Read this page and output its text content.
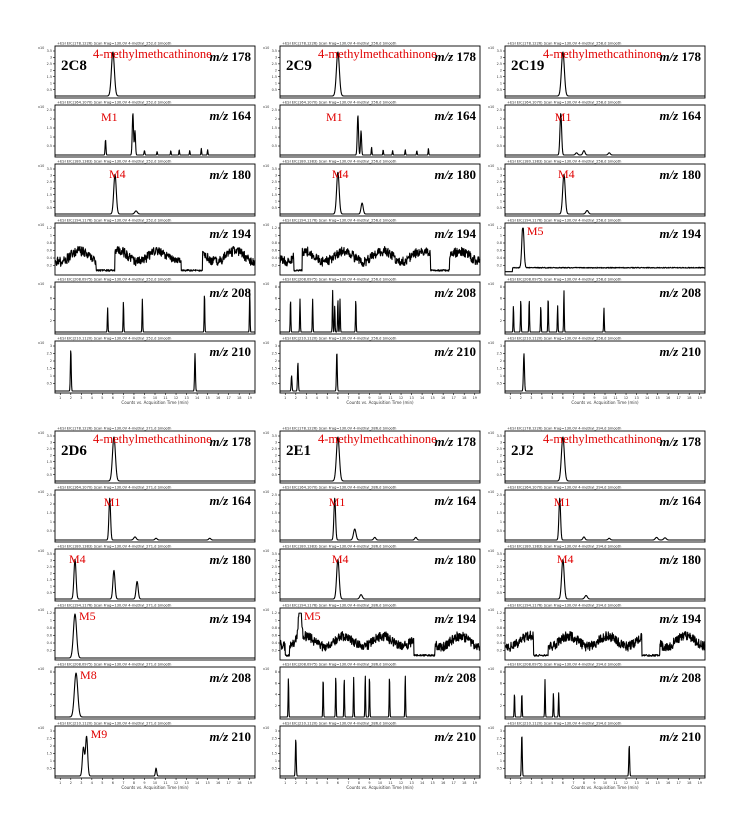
x10
+ESI EIC(178.1226) Scan Frag=130.0V 4-methyl_252.d Smooth
0.5
1
1.5
2
2.5
3
3.5	m/z 178
4-methylmethcathinone
x10
+ESI EIC(164.1070) Scan Frag=130.0V 4-methyl_252.d Smooth
0.5
1
1.5
2
2.5	m/z 164
M1
x10
+ESI EIC(180.1383) Scan Frag=130.0V 4-methyl_252.d Smooth
0.5
1
1.5
2
2.5
3
3.5	m/z 180
M4
x10
+ESI EIC(194.1176) Scan Frag=130.0V 4-methyl_252.d Smooth
0.2
0.4
0.6
0.8
1
1.2	m/z 194
x10
+ESI EIC(208.0975) Scan Frag=130.0V 4-methyl_252.d Smooth
2
4
6
8	m/z 208
x10
+ESI EIC(210.1120) Scan Frag=130.0V 4-methyl_252.d Smooth
0.5
1
1.5
2
2.5
3	m/z 210
1 2 3 4 5 6 7 8 9 10 11 12 13 14 15 16 17 18 19
Counts vs. Acquisition Time (min)
2C8
x10
+ESI EIC(178.1226) Scan Frag=130.0V 4-methyl_256.d Smooth
0.5
1
1.5
2
2.5
3
3.5	m/z 178
4-methylmethcathinone
x10
+ESI EIC(164.1070) Scan Frag=130.0V 4-methyl_256.d Smooth
0.5
1
1.5
2
2.5	m/z 164
M1
x10
+ESI EIC(180.1383) Scan Frag=130.0V 4-methyl_256.d Smooth
0.5
1
1.5
2
2.5
3
3.5	m/z 180
M4
x10
+ESI EIC(194.1176) Scan Frag=130.0V 4-methyl_256.d Smooth
0.2
0.4
0.6
0.8
1
1.2	m/z 194
x10
+ESI EIC(208.0975) Scan Frag=130.0V 4-methyl_256.d Smooth
2
4
6
8	m/z 208
x10
+ESI EIC(210.1120) Scan Frag=130.0V 4-methyl_256.d Smooth
0.5
1
1.5
2
2.5
3	m/z 210
1 2 3 4 5 6 7 8 9 10 11 12 13 14 15 16 17 18 19
Counts vs. Acquisition Time (min)
2C9
x10
+ESI EIC(178.1226) Scan Frag=130.0V 4-methyl_258.d Smooth
0.5
1
1.5
2
2.5
3
3.5	m/z 178
4-methylmethcathinone
x10
+ESI EIC(164.1070) Scan Frag=130.0V 4-methyl_258.d Smooth
0.5
1
1.5
2
2.5	m/z 164
M1
x10
+ESI EIC(180.1383) Scan Frag=130.0V 4-methyl_258.d Smooth
0.5
1
1.5
2
2.5
3
3.5	m/z 180
M4
x10
+ESI EIC(194.1176) Scan Frag=130.0V 4-methyl_258.d Smooth
0.2
0.4
0.6
0.8
1
1.2	m/z 194
M5
x10
+ESI EIC(208.0975) Scan Frag=130.0V 4-methyl_258.d Smooth
2
4
6
8	m/z 208
x10
+ESI EIC(210.1120) Scan Frag=130.0V 4-methyl_258.d Smooth
0.5
1
1.5
2
2.5
3	m/z 210
1 2 3 4 5 6 7 8 9 10 11 12 13 14 15 16 17 18 19
Counts vs. Acquisition Time (min)
2C19
x10
+ESI EIC(178.1226) Scan Frag=130.0V 4-methyl_271.d Smooth
0.5
1
1.5
2
2.5
3
3.5	m/z 178
4-methylmethcathinone
x10
+ESI EIC(164.1070) Scan Frag=130.0V 4-methyl_271.d Smooth
0.5
1
1.5
2
2.5	m/z 164
M1
x10
+ESI EIC(180.1383) Scan Frag=130.0V 4-methyl_271.d Smooth
0.5
1
1.5
2
2.5
3
3.5	m/z 180
M4
x10
+ESI EIC(194.1176) Scan Frag=130.0V 4-methyl_271.d Smooth
0.2
0.4
0.6
0.8
1
1.2	m/z 194
M5
x10
+ESI EIC(208.0975) Scan Frag=130.0V 4-methyl_271.d Smooth
2
4
6
8	m/z 208
M8
x10
+ESI EIC(210.1120) Scan Frag=130.0V 4-methyl_271.d Smooth
0.5
1
1.5
2
2.5
3	m/z 210
M9
1 2 3 4 5 6 7 8 9 10 11 12 13 14 15 16 17 18 19
Counts vs. Acquisition Time (min)
2D6
x10
+ESI EIC(178.1226) Scan Frag=130.0V 4-methyl_286.d Smooth
0.5
1
1.5
2
2.5
3
3.5	m/z 178
4-methylmethcathinone
x10
+ESI EIC(164.1070) Scan Frag=130.0V 4-methyl_286.d Smooth
0.5
1
1.5
2
2.5	m/z 164
M1
x10
+ESI EIC(180.1383) Scan Frag=130.0V 4-methyl_286.d Smooth
0.5
1
1.5
2
2.5
3
3.5	m/z 180
M4
x10
+ESI EIC(194.1176) Scan Frag=130.0V 4-methyl_286.d Smooth
0.2
0.4
0.6
0.8
1
1.2	m/z 194
M5
x10
+ESI EIC(208.0975) Scan Frag=130.0V 4-methyl_286.d Smooth
2
4
6
8	m/z 208
x10
+ESI EIC(210.1120) Scan Frag=130.0V 4-methyl_286.d Smooth
0.5
1
1.5
2
2.5
3	m/z 210
1 2 3 4 5 6 7 8 9 10 11 12 13 14 15 16 17 18 19
Counts vs. Acquisition Time (min)
2E1
x10
+ESI EIC(178.1226) Scan Frag=130.0V 4-methyl_294.d Smooth
0.5
1
1.5
2
2.5
3
3.5	m/z 178
4-methylmethcathinone
x10
+ESI EIC(164.1070) Scan Frag=130.0V 4-methyl_294.d Smooth
0.5
1
1.5
2
2.5	m/z 164
M1
x10
+ESI EIC(180.1383) Scan Frag=130.0V 4-methyl_294.d Smooth
0.5
1
1.5
2
2.5
3
3.5	m/z 180
M4
x10
+ESI EIC(194.1176) Scan Frag=130.0V 4-methyl_294.d Smooth
0.2
0.4
0.6
0.8
1
1.2	m/z 194
x10
+ESI EIC(208.0975) Scan Frag=130.0V 4-methyl_294.d Smooth
2
4
6
8	m/z 208
x10
+ESI EIC(210.1120) Scan Frag=130.0V 4-methyl_294.d Smooth
0.5
1
1.5
2
2.5
3	m/z 210
1 2 3 4 5 6 7 8 9 10 11 12 13 14 15 16 17 18 19
Counts vs. Acquisition Time (min)
2J2
